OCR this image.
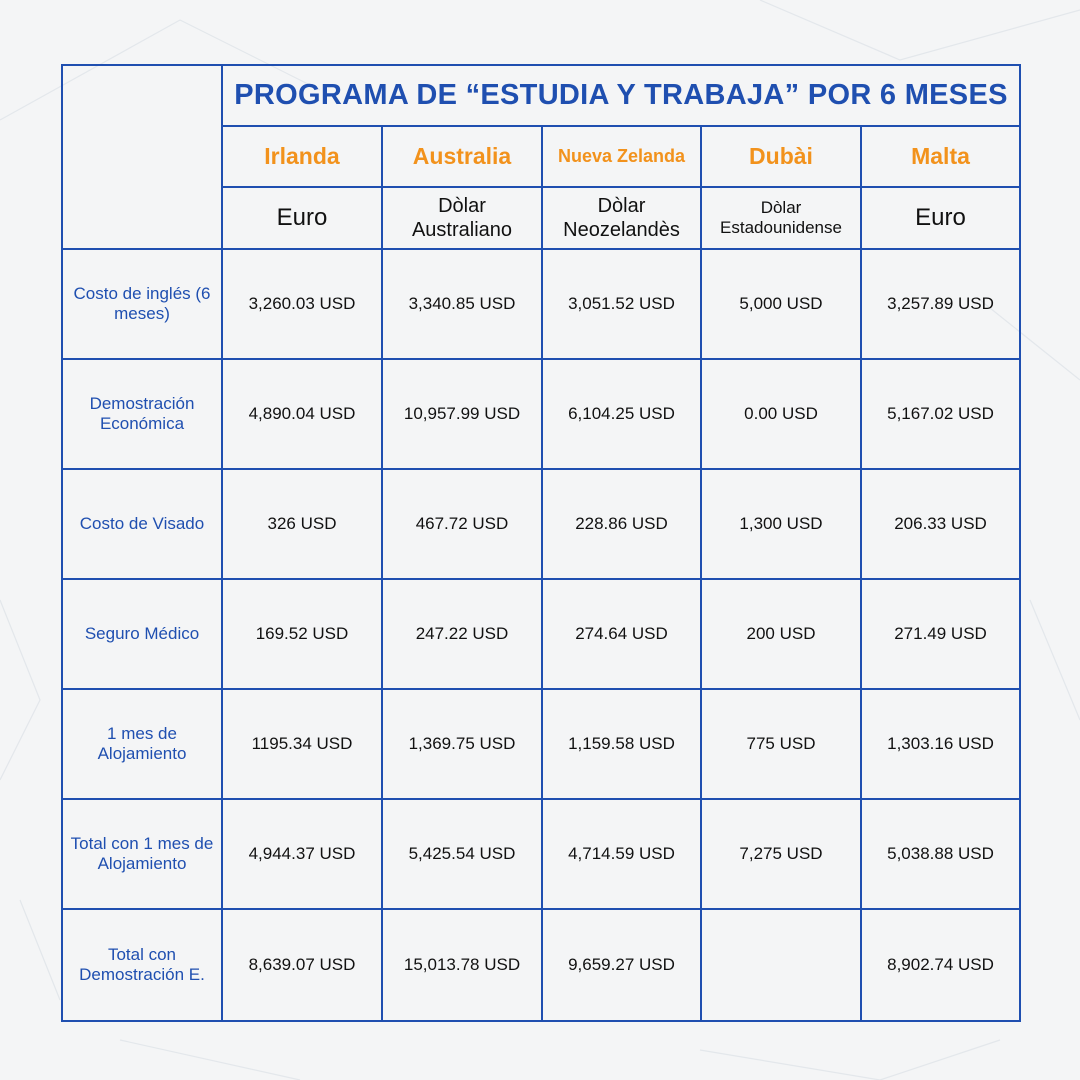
	PROGRAMA DE “ESTUDIA Y TRABAJA” POR 6 MESES				
	Irlanda	Australia	Nueva Zelanda	Dubài	Malta
	Euro	Dòlar Australiano	Dòlar Neozelandès	Dòlar Estadounidense	Euro
Costo de inglés (6 meses)	3,260.03 USD	3,340.85 USD	3,051.52 USD	5,000 USD	3,257.89 USD
Demostración Económica	4,890.04 USD	10,957.99 USD	6,104.25 USD	0.00 USD	5,167.02 USD
Costo de Visado	326 USD	467.72 USD	228.86 USD	1,300 USD	206.33 USD
Seguro Médico	169.52 USD	247.22 USD	274.64 USD	200 USD	271.49 USD
1 mes de Alojamiento	1195.34 USD	1,369.75 USD	1,159.58 USD	775 USD	1,303.16 USD
Total con 1 mes de Alojamiento	4,944.37 USD	5,425.54 USD	4,714.59 USD	7,275 USD	5,038.88 USD
Total con Demostración E.	8,639.07 USD	15,013.78 USD	9,659.27 USD		8,902.74 USD
